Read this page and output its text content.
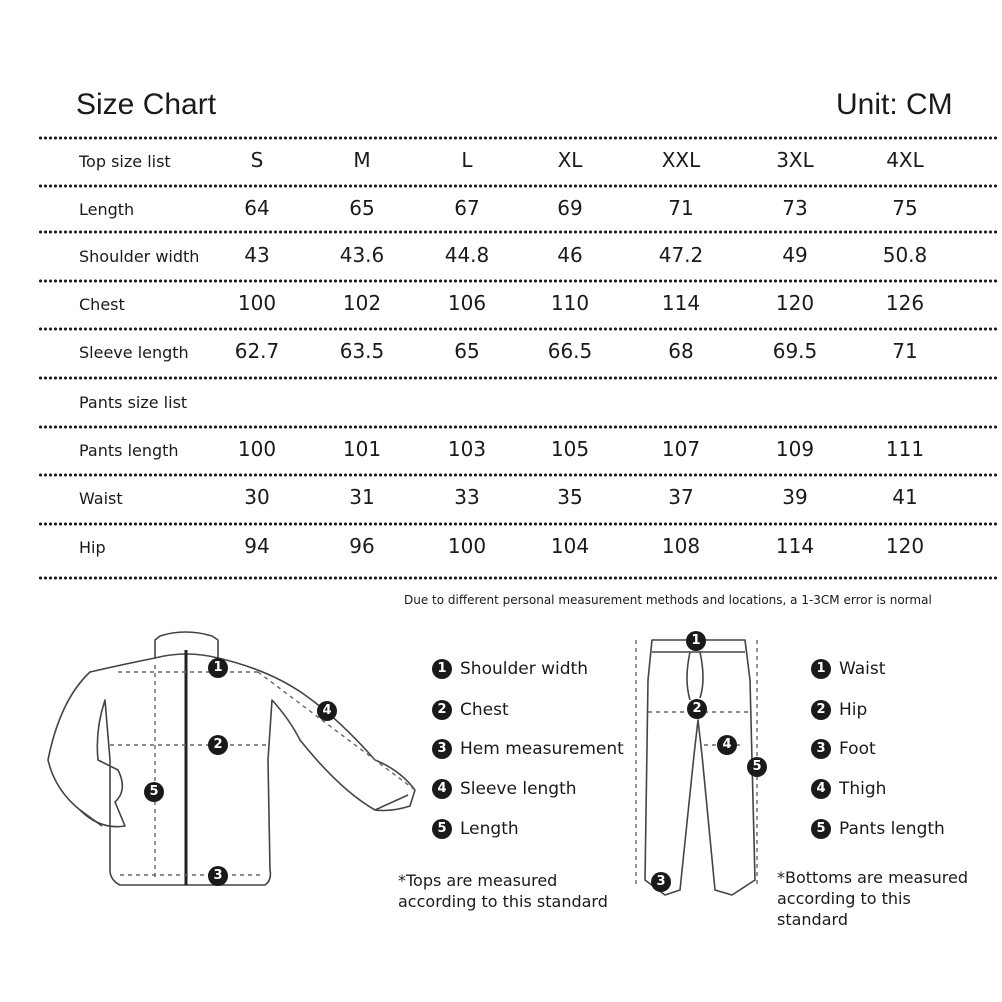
Size Chart	Unit: CM
Top size list	S	M	L	XL	XXL	3XL	4XL
Length	64	65	67	69	71	73	75
Shoulder width	43	43.6	44.8	46	47.2	49	50.8
Chest	100	102	106	110	114	120	126
Sleeve length	62.7	63.5	65	66.5	68	69.5	71
Pants size list
Pants length	100	101	103	105	107	109	111
Waist	30	31	33	35	37	39	41
Hip	94	96	100	104	108	114	120
Due to different personal measurement methods and locations, a 1-3CM error is normal
1
2
3
4
5
1
2
3
4
5
1 Shoulder width
2 Chest
3 Hem measurement
4 Sleeve length
5 Length
*Tops are measured
according to this standard
1 Waist
2 Hip
3 Foot
4 Thigh
5 Pants length
*Bottoms are measured
according to this
standard
